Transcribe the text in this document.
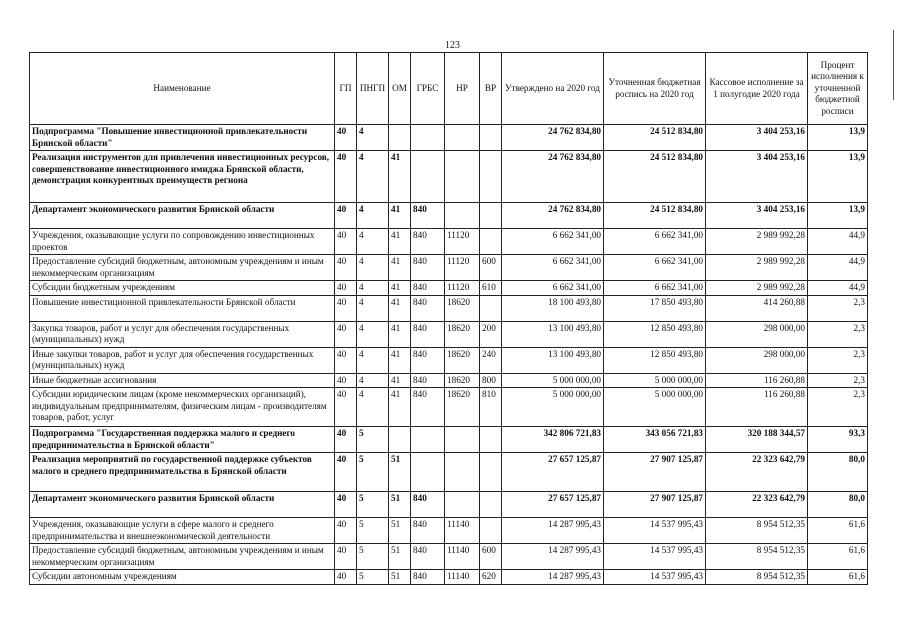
123
Наименование	ГП	ПНГП	ОМ	ГРБС	НР	ВР	Утверждено на 2020 год	Уточненная бюджетная роспись на 2020 год	Кассовое исполнение за 1 полугодие 2020 года	Процент исполнения к уточненной бюджетной росписи
Подпрограмма "Повышение инвестиционной привлекательности Брянской области"	40	4					24 762 834,80	24 512 834,80	3 404 253,16	13,9
Реализация инструментов для привлечения инвестиционных ресурсов, совершенствование инвестиционного имиджа Брянской области, демонстрация конкурентных преимуществ региона	40	4	41				24 762 834,80	24 512 834,80	3 404 253,16	13,9
Департамент экономического развития Брянской области	40	4	41	840			24 762 834,80	24 512 834,80	3 404 253,16	13,9
Учреждения, оказывающие услуги по сопровождению инвестиционных проектов	40	4	41	840	11120		6 662 341,00	6 662 341,00	2 989 992,28	44,9
Предоставление субсидий бюджетным, автономным учреждениям и иным некоммерческим организациям	40	4	41	840	11120	600	6 662 341,00	6 662 341,00	2 989 992,28	44,9
Субсидии бюджетным учреждениям	40	4	41	840	11120	610	6 662 341,00	6 662 341,00	2 989 992,28	44,9
Повышение инвестиционной привлекательности Брянской области	40	4	41	840	18620		18 100 493,80	17 850 493,80	414 260,88	2,3
Закупка товаров, работ и услуг для обеспечения государственных (муниципальных) нужд	40	4	41	840	18620	200	13 100 493,80	12 850 493,80	298 000,00	2,3
Иные закупки товаров, работ и услуг для обеспечения государственных (муниципальных) нужд	40	4	41	840	18620	240	13 100 493,80	12 850 493,80	298 000,00	2,3
Иные бюджетные ассигнования	40	4	41	840	18620	800	5 000 000,00	5 000 000,00	116 260,88	2,3
Субсидии юридическим лицам (кроме некоммерческих организаций), индивидуальным предпринимателям, физическим лицам - производителям товаров, работ, услуг	40	4	41	840	18620	810	5 000 000,00	5 000 000,00	116 260,88	2,3
Подпрограмма "Государственная поддержка малого и среднего предпринимательства в Брянской области"	40	5					342 806 721,83	343 056 721,83	320 188 344,57	93,3
Реализация мероприятий по государственной поддержке субъектов малого и среднего предпринимательства в Брянской области	40	5	51				27 657 125,87	27 907 125,87	22 323 642,79	80,0
Департамент экономического развития Брянской области	40	5	51	840			27 657 125,87	27 907 125,87	22 323 642,79	80,0
Учреждения, оказывающие услуги в сфере малого и среднего предпринимательства и внешнеэкономической деятельности	40	5	51	840	11140		14 287 995,43	14 537 995,43	8 954 512,35	61,6
Предоставление субсидий бюджетным, автономным учреждениям и иным некоммерческим организациям	40	5	51	840	11140	600	14 287 995,43	14 537 995,43	8 954 512,35	61,6
Субсидии автономным учреждениям	40	5	51	840	11140	620	14 287 995,43	14 537 995,43	8 954 512,35	61,6
